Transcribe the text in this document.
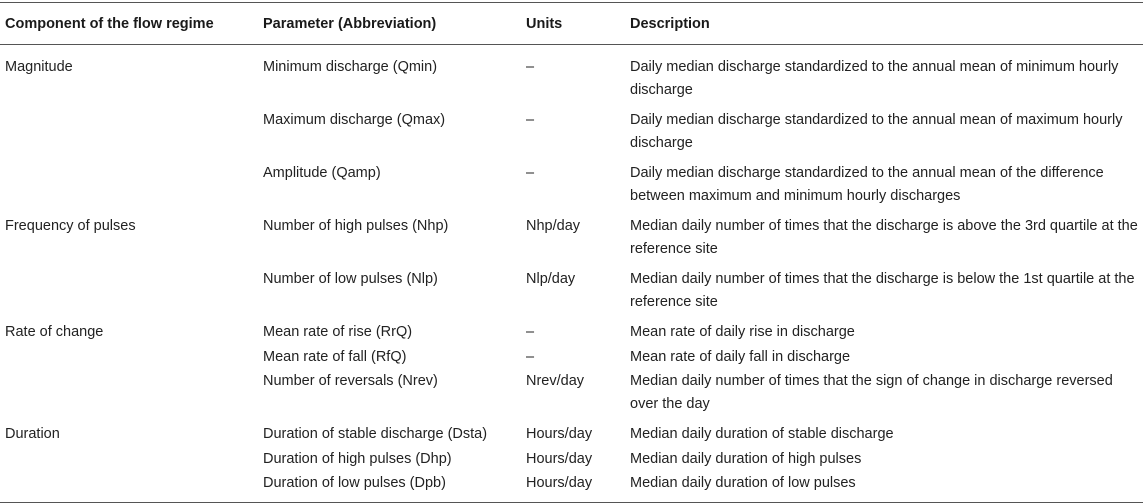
Component of the flow regime	Parameter (Abbreviation)	Units	Description
Magnitude	Minimum discharge (Qmin)	–	Daily median discharge standardized to the annual mean of minimum hourly discharge
	Maximum discharge (Qmax)	–	Daily median discharge standardized to the annual mean of maximum hourly discharge
	Amplitude (Qamp)	–	Daily median discharge standardized to the annual mean of the difference between maximum and minimum hourly discharges
Frequency of pulses	Number of high pulses (Nhp)	Nhp/day	Median daily number of times that the discharge is above the 3rd quartile at the reference site
	Number of low pulses (Nlp)	Nlp/day	Median daily number of times that the discharge is below the 1st quartile at the reference site
Rate of change	Mean rate of rise (RrQ)	–	Mean rate of daily rise in discharge
	Mean rate of fall (RfQ)	–	Mean rate of daily fall in discharge
	Number of reversals (Nrev)	Nrev/day	Median daily number of times that the sign of change in discharge reversed over the day
Duration	Duration of stable discharge (Dsta)	Hours/day	Median daily duration of stable discharge
	Duration of high pulses (Dhp)	Hours/day	Median daily duration of high pulses
	Duration of low pulses (Dpb)	Hours/day	Median daily duration of low pulses
